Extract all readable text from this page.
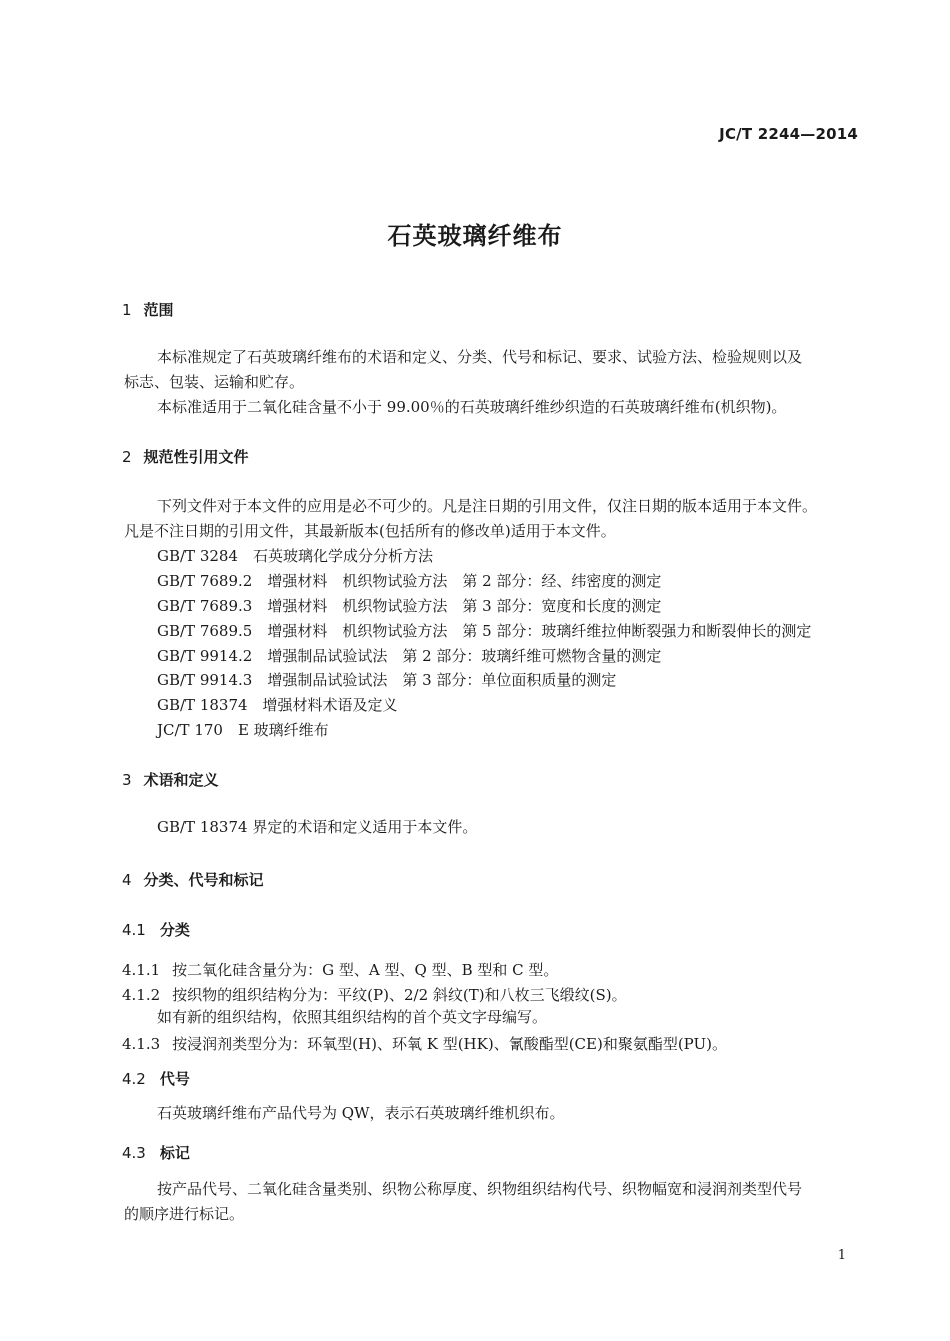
JC/T 2244—2014
石英玻璃纤维布
1 范围
本标准规定了石英玻璃纤维布的术语和定义、分类、代号和标记、要求、试验方法、检验规则以及
标志、包装、运输和贮存。
本标准适用于二氧化硅含量不小于 99.00％的石英玻璃纤维纱织造的石英玻璃纤维布(机织物)。
2 规范性引用文件
下列文件对于本文件的应用是必不可少的。凡是注日期的引用文件，仅注日期的版本适用于本文件。
凡是不注日期的引用文件，其最新版本(包括所有的修改单)适用于本文件。
GB/T 3284　石英玻璃化学成分分析方法
GB/T 7689.2　增强材料　机织物试验方法　第 2 部分：经、纬密度的测定
GB/T 7689.3　增强材料　机织物试验方法　第 3 部分：宽度和长度的测定
GB/T 7689.5　增强材料　机织物试验方法　第 5 部分：玻璃纤维拉伸断裂强力和断裂伸长的测定
GB/T 9914.2　增强制品试验试法　第 2 部分：玻璃纤维可燃物含量的测定
GB/T 9914.3　增强制品试验试法　第 3 部分：单位面积质量的测定
GB/T 18374　增强材料术语及定义
JC/T 170　E 玻璃纤维布
3 术语和定义
GB/T 18374 界定的术语和定义适用于本文件。
4 分类、代号和标记
4.1 分类
4.1.1 按二氧化硅含量分为：G 型、A 型、Q 型、B 型和 C 型。
4.1.2 按织物的组织结构分为：平纹(P)、2/2 斜纹(T)和八枚三飞缎纹(S)。
如有新的组织结构，依照其组织结构的首个英文字母编写。
4.1.3 按浸润剂类型分为：环氧型(H)、环氧 K 型(HK)、氰酸酯型(CE)和聚氨酯型(PU)。
4.2 代号
石英玻璃纤维布产品代号为 QW，表示石英玻璃纤维机织布。
4.3 标记
按产品代号、二氧化硅含量类别、织物公称厚度、织物组织结构代号、织物幅宽和浸润剂类型代号
的顺序进行标记。
1
